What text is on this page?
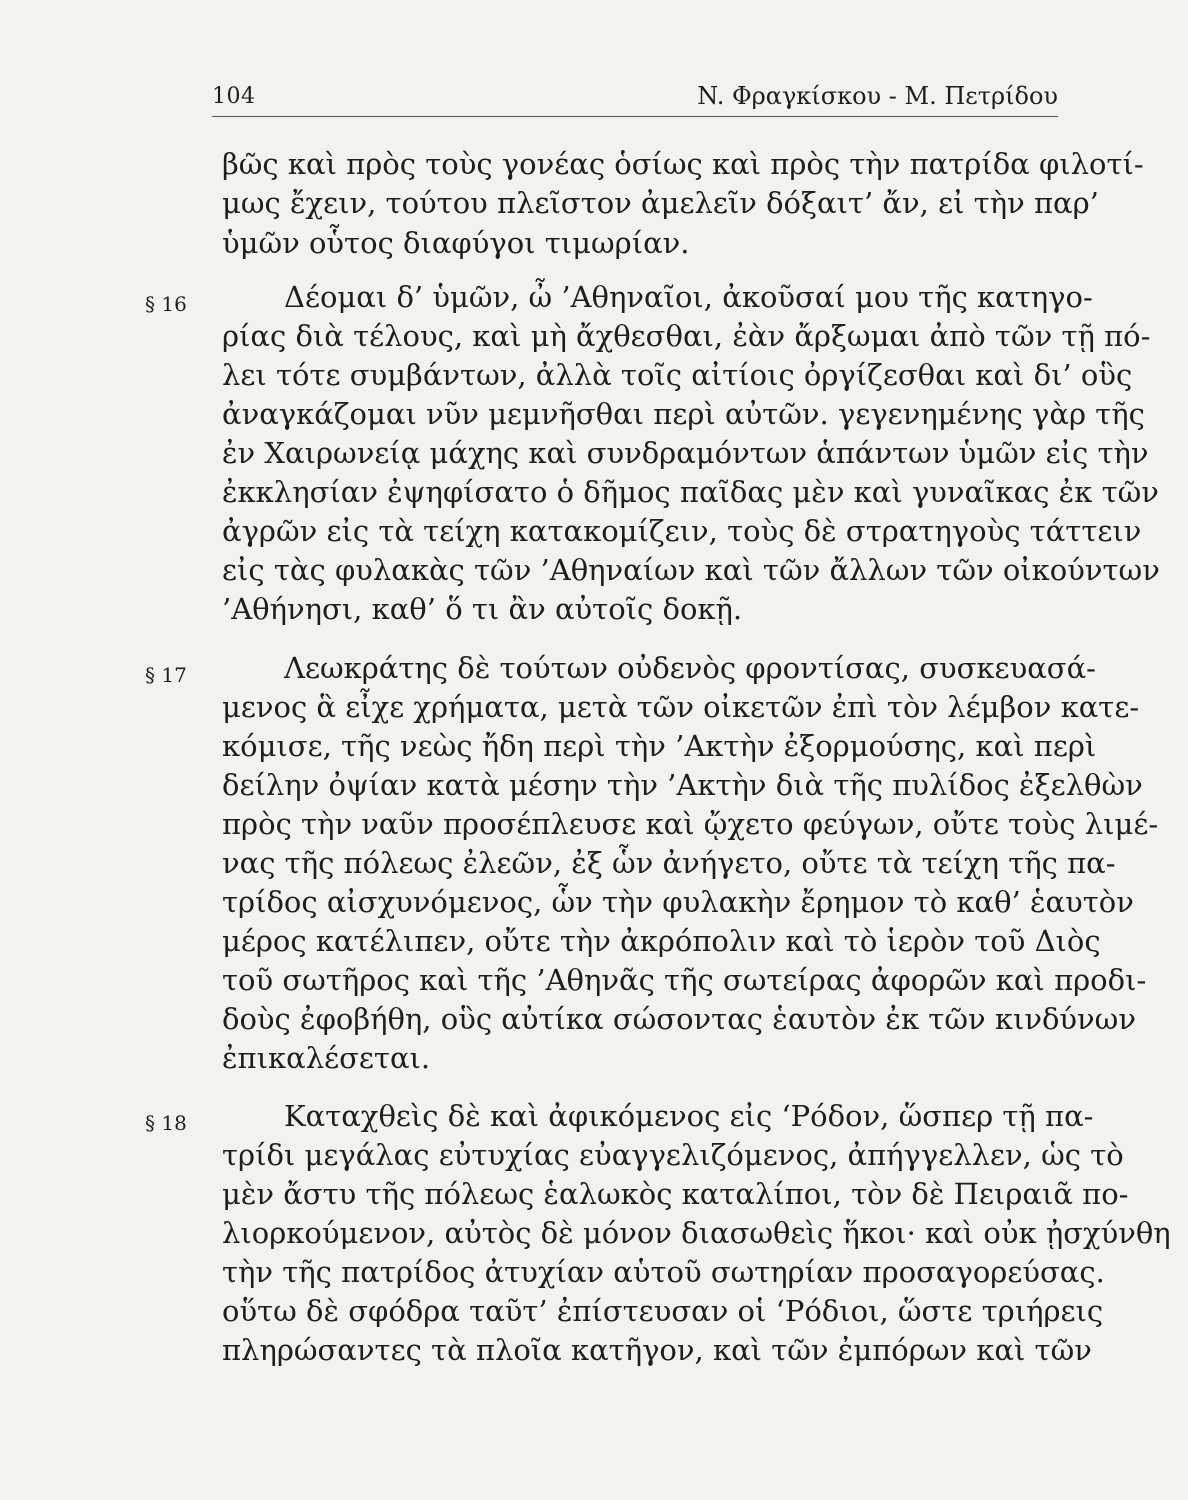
104	N. Φραγκίσκου - Μ. Πετρίδου
§ 16
§ 17
§ 18
βῶς καὶ πρὸς τοὺς γονέας ὁσίως καὶ πρὸς τὴν πατρίδα φιλοτί-
μως ἔχειν, τούτου πλεῖστον ἀμελεῖν δόξαιτ’ ἄν, εἰ τὴν παρ’
ὑμῶν οὗτος διαφύγοι τιμωρίαν.
Δέομαι δ’ ὑμῶν, ὦ ’Αθηναῖοι, ἀκοῦσαί μου τῆς κατηγο-
ρίας διὰ τέλους, καὶ μὴ ἄχθεσθαι, ἐὰν ἄρξωμαι ἀπὸ τῶν τῇ πό-
λει τότε συμβάντων, ἀλλὰ τοῖς αἰτίοις ὀργίζεσθαι καὶ δι’ οὓς
ἀναγκάζομαι νῦν μεμνῆσθαι περὶ αὐτῶν. γεγενημένης γὰρ τῆς
ἐν Χαιρωνείᾳ μάχης καὶ συνδραμόντων ἁπάντων ὑμῶν εἰς τὴν
ἐκκλησίαν ἐψηφίσατο ὁ δῆμος παῖδας μὲν καὶ γυναῖκας ἐκ τῶν
ἀγρῶν εἰς τὰ τείχη κατακομίζειν, τοὺς δὲ στρατηγοὺς τάττειν
εἰς τὰς φυλακὰς τῶν ’Αθηναίων καὶ τῶν ἄλλων τῶν οἰκούντων
’Αθήνησι, καθ’ ὅ τι ἂν αὐτοῖς δοκῇ.
Λεωκράτης δὲ τούτων οὐδενὸς φροντίσας, συσκευασά-
μενος ἃ εἶχε χρήματα, μετὰ τῶν οἰκετῶν ἐπὶ τὸν λέμβον κατε-
κόμισε, τῆς νεὼς ἤδη περὶ τὴν ’Ακτὴν ἐξορμούσης, καὶ περὶ
δείλην ὀψίαν κατὰ μέσην τὴν ’Ακτὴν διὰ τῆς πυλίδος ἐξελθὼν
πρὸς τὴν ναῦν προσέπλευσε καὶ ᾤχετο φεύγων, οὔτε τοὺς λιμέ-
νας τῆς πόλεως ἐλεῶν, ἐξ ὧν ἀνήγετο, οὔτε τὰ τείχη τῆς πα-
τρίδος αἰσχυνόμενος, ὧν τὴν φυλακὴν ἔρημον τὸ καθ’ ἑαυτὸν
μέρος κατέλιπεν, οὔτε τὴν ἀκρόπολιν καὶ τὸ ἱερὸν τοῦ Διὸς
τοῦ σωτῆρος καὶ τῆς ’Αθηνᾶς τῆς σωτείρας ἀφορῶν καὶ προδι-
δοὺς ἐφοβήθη, οὓς αὐτίκα σώσοντας ἑαυτὸν ἐκ τῶν κινδύνων
ἐπικαλέσεται.
Καταχθεὶς δὲ καὶ ἀφικόμενος εἰς ‘Ρόδον, ὥσπερ τῇ πα-
τρίδι μεγάλας εὐτυχίας εὐαγγελιζόμενος, ἀπήγγελλεν, ὡς τὸ
μὲν ἄστυ τῆς πόλεως ἑαλωκὸς καταλίποι, τὸν δὲ Πειραιᾶ πο-
λιορκούμενον, αὐτὸς δὲ μόνον διασωθεὶς ἥκοι· καὶ οὐκ ᾐσχύνθη
τὴν τῆς πατρίδος ἀτυχίαν αὑτοῦ σωτηρίαν προσαγορεύσας.
οὕτω δὲ σφόδρα ταῦτ’ ἐπίστευσαν οἱ ‘Ρόδιοι, ὥστε τριήρεις
πληρώσαντες τὰ πλοῖα κατῆγον, καὶ τῶν ἐμπόρων καὶ τῶν
